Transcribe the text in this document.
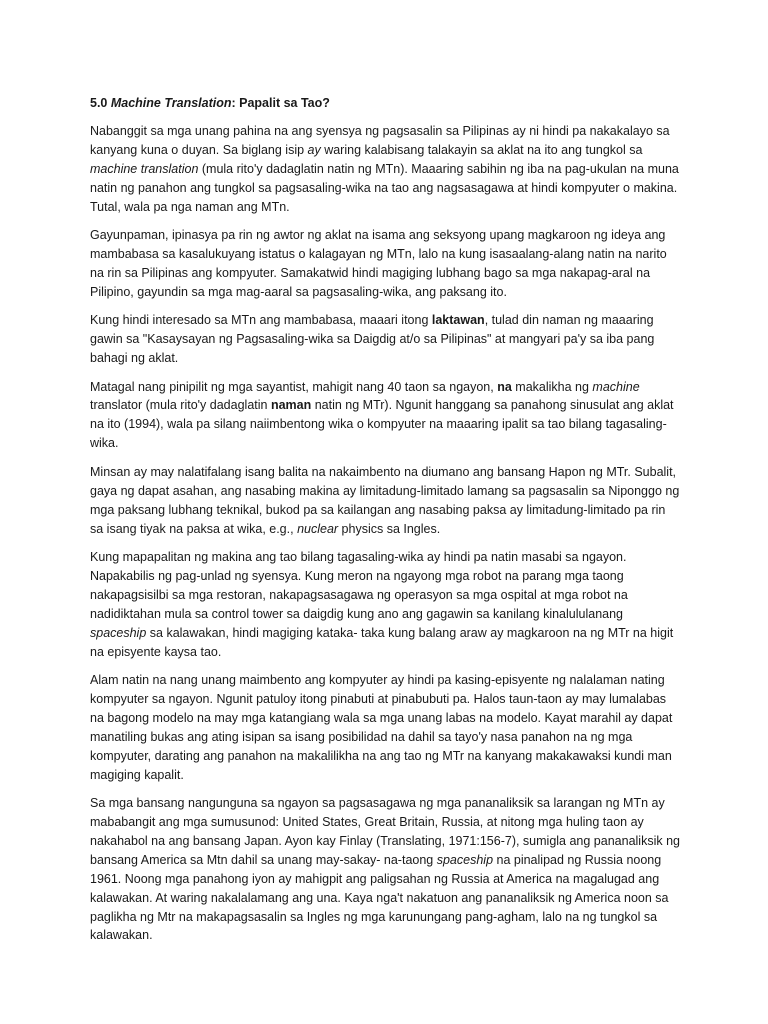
5.0 Machine Translation: Papalit sa Tao?

Nabanggit sa mga unang pahina na ang syensya ng pagsasalin sa Pilipinas ay ni hindi pa nakakalayo sa kanyang kuna o duyan. Sa biglang isip ay waring kalabisang talakayin sa aklat na ito ang tungkol sa machine translation (mula rito'y dadaglatin natin ng MTn). Maaaring sabihin ng iba na pag-ukulan na muna natin ng panahon ang tungkol sa pagsasaling-wika na tao ang nagsasagawa at hindi kompyuter o makina. Tutal, wala pa nga naman ang MTn.

Gayunpaman, ipinasya pa rin ng awtor ng aklat na isama ang seksyong upang magkaroon ng ideya ang mambabasa sa kasalukuyang istatus o kalagayan ng MTn, lalo na kung isasaalang-alang natin na narito na rin sa Pilipinas ang kompyuter. Samakatwid hindi magiging lubhang bago sa mga nakapag-aral na Pilipino, gayundin sa mga mag-aaral sa pagsasaling-wika, ang paksang ito.

Kung hindi interesado sa MTn ang mambabasa, maaari itong laktawan, tulad din naman ng maaaring gawin sa "Kasaysayan ng Pagsasaling-wika sa Daigdig at/o sa Pilipinas" at mangyari pa'y sa iba pang bahagi ng aklat.

Matagal nang pinipilit ng mga sayantist, mahigit nang 40 taon sa ngayon, na makalikha ng machine translator (mula rito'y dadaglatin naman natin ng MTr). Ngunit hanggang sa panahong sinusulat ang aklat na ito (1994), wala pa silang naiimbentong wika o kompyuter na maaaring ipalit sa tao bilang tagasaling-wika.

Minsan ay may nalatifalang isang balita na nakaimbento na diumano ang bansang Hapon ng MTr. Subalit, gaya ng dapat asahan, ang nasabing makina ay limitadung-limitado lamang sa pagsasalin sa Niponggo ng mga paksang lubhang teknikal, bukod pa sa kailangan ang nasabing paksa ay limitadung-limitado pa rin sa isang tiyak na paksa at wika, e.g., nuclear physics sa Ingles.

Kung mapapalitan ng makina ang tao bilang tagasaling-wika ay hindi pa natin masabi sa ngayon. Napakabilis ng pag-unlad ng syensya. Kung meron na ngayong mga robot na parang mga taong nakapagsisilbi sa mga restoran, nakapagsasagawa ng operasyon sa mga ospital at mga robot na nadidiktahan mula sa control tower sa daigdig kung ano ang gagawin sa kanilang kinalululanang spaceship sa kalawakan, hindi magiging kataka- taka kung balang araw ay magkaroon na ng MTr na higit na episyente kaysa tao.

Alam natin na nang unang maimbento ang kompyuter ay hindi pa kasing-episyente ng nalalaman nating kompyuter sa ngayon. Ngunit patuloy itong pinabuti at pinabubuti pa. Halos taun-taon ay may lumalabas na bagong modelo na may mga katangiang wala sa mga unang labas na modelo. Kayat marahil ay dapat manatiling bukas ang ating isipan sa isang posibilidad na dahil sa tayo'y nasa panahon na ng mga kompyuter, darating ang panahon na makalilikha na ang tao ng MTr na kanyang makakawaksi kundi man magiging kapalit.

Sa mga bansang nangunguna sa ngayon sa pagsasagawa ng mga pananaliksik sa larangan ng MTn ay mababangit ang mga sumusunod: United States, Great Britain, Russia, at nitong mga huling taon ay nakahabol na ang bansang Japan. Ayon kay Finlay (Translating, 1971:156-7), sumigla ang pananaliksik ng bansang America sa Mtn dahil sa unang may-sakay- na-taong spaceship na pinalipad ng Russia noong 1961. Noong mga panahong iyon ay mahigpit ang paligsahan ng Russia at America na magalugad ang kalawakan. At waring nakalalamang ang una. Kaya nga't nakatuon ang pananaliksik ng America noon sa paglikha ng Mtr na makapagsasalin sa Ingles ng mga karunungang pang-agham, lalo na ng tungkol sa kalawakan.
